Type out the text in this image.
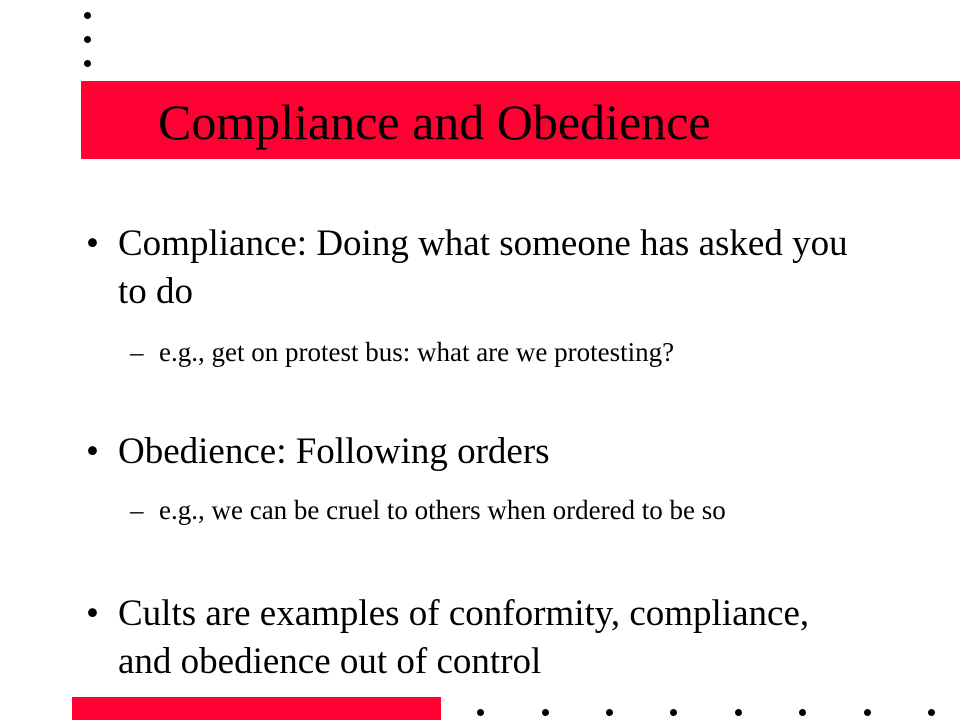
Compliance and Obedience
• Compliance: Doing what someone has asked you to do
– e.g., get on protest bus: what are we protesting?
• Obedience: Following orders
– e.g., we can be cruel to others when ordered to be so
• Cults are examples of conformity, compliance, and obedience out of control
